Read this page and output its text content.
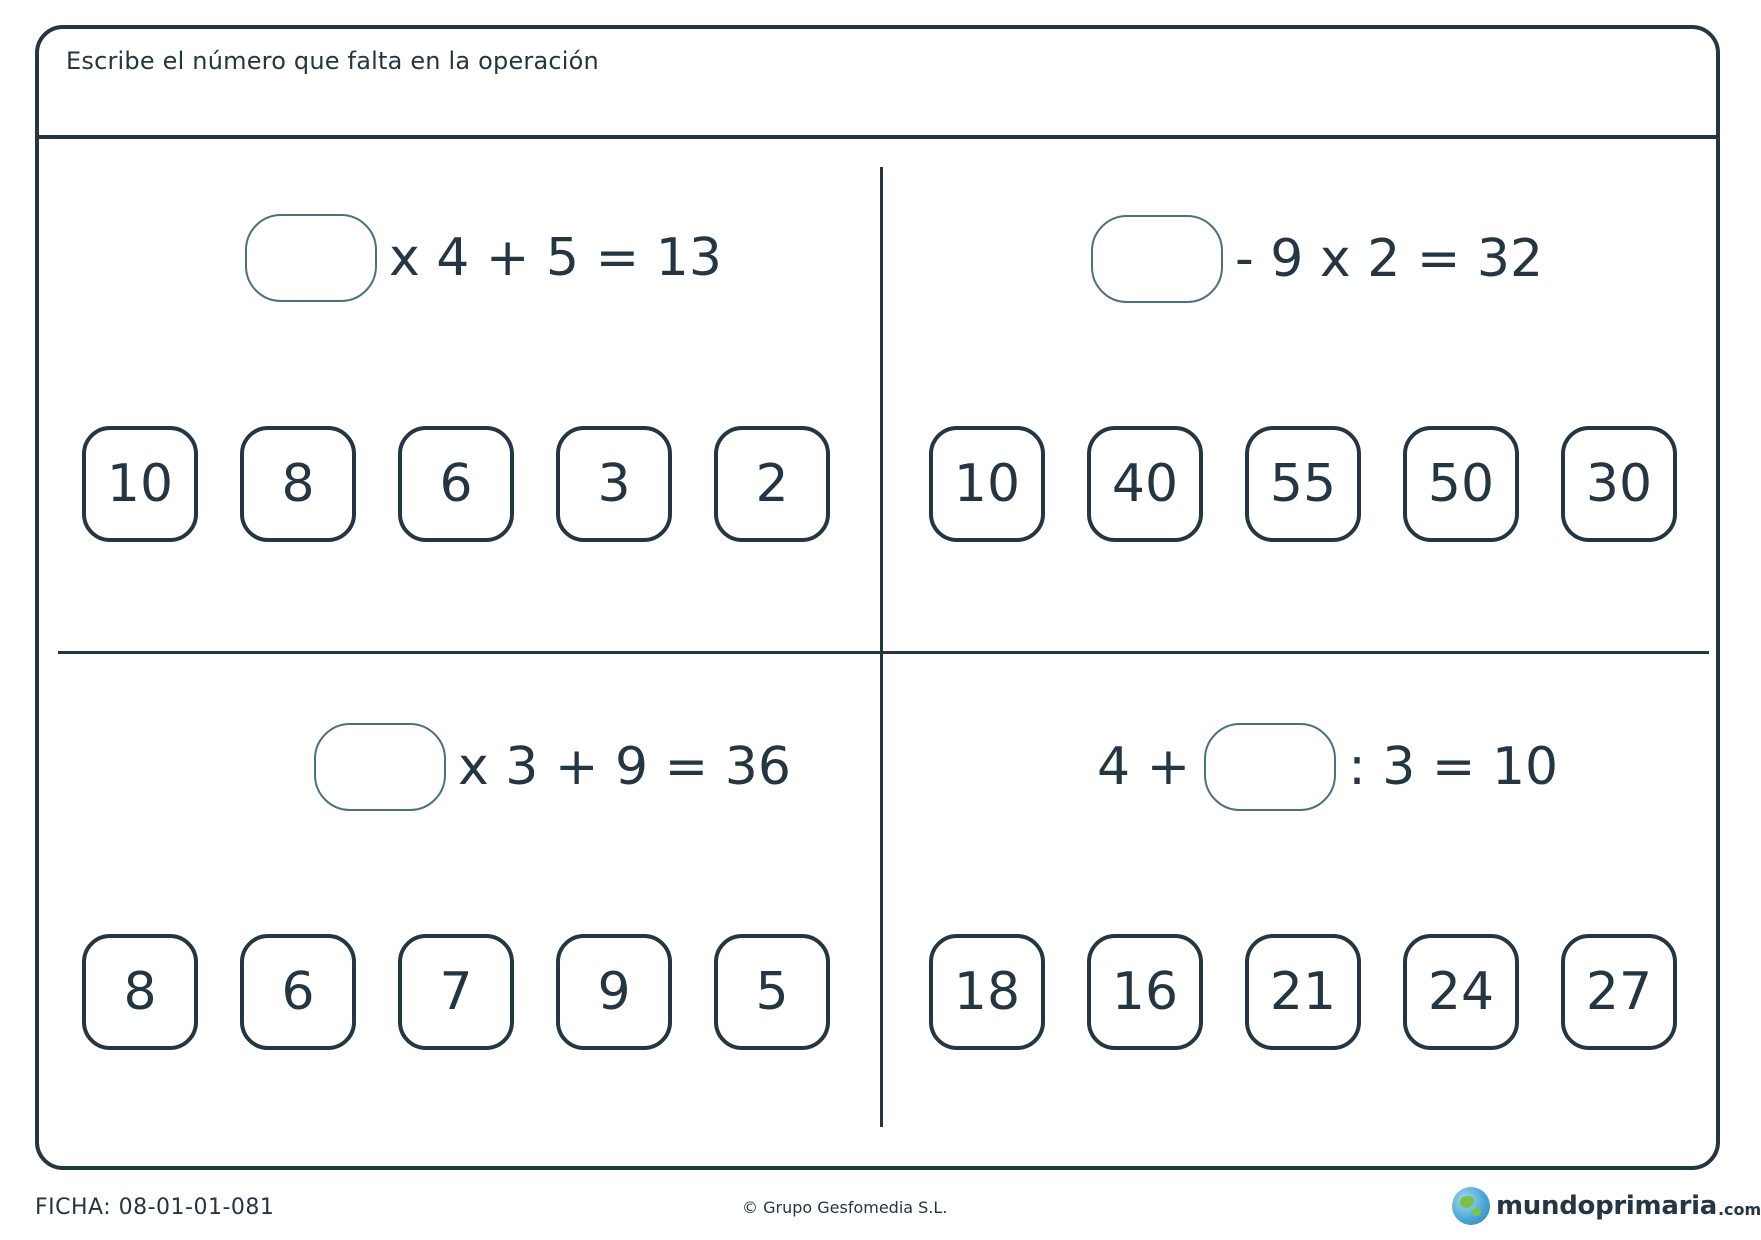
Escribe el número que falta en la operación
x 4 + 5 = 13
10	8	6	3	2
- 9 x 2 = 32
10	40	55	50	30
x 3 + 9 = 36
8	6	7	9	5
4 +	: 3 = 10
18	16	21	24	27
FICHA: 08-01-01-081	© Grupo Gesfomedia S.L.	mundoprimaria .com
